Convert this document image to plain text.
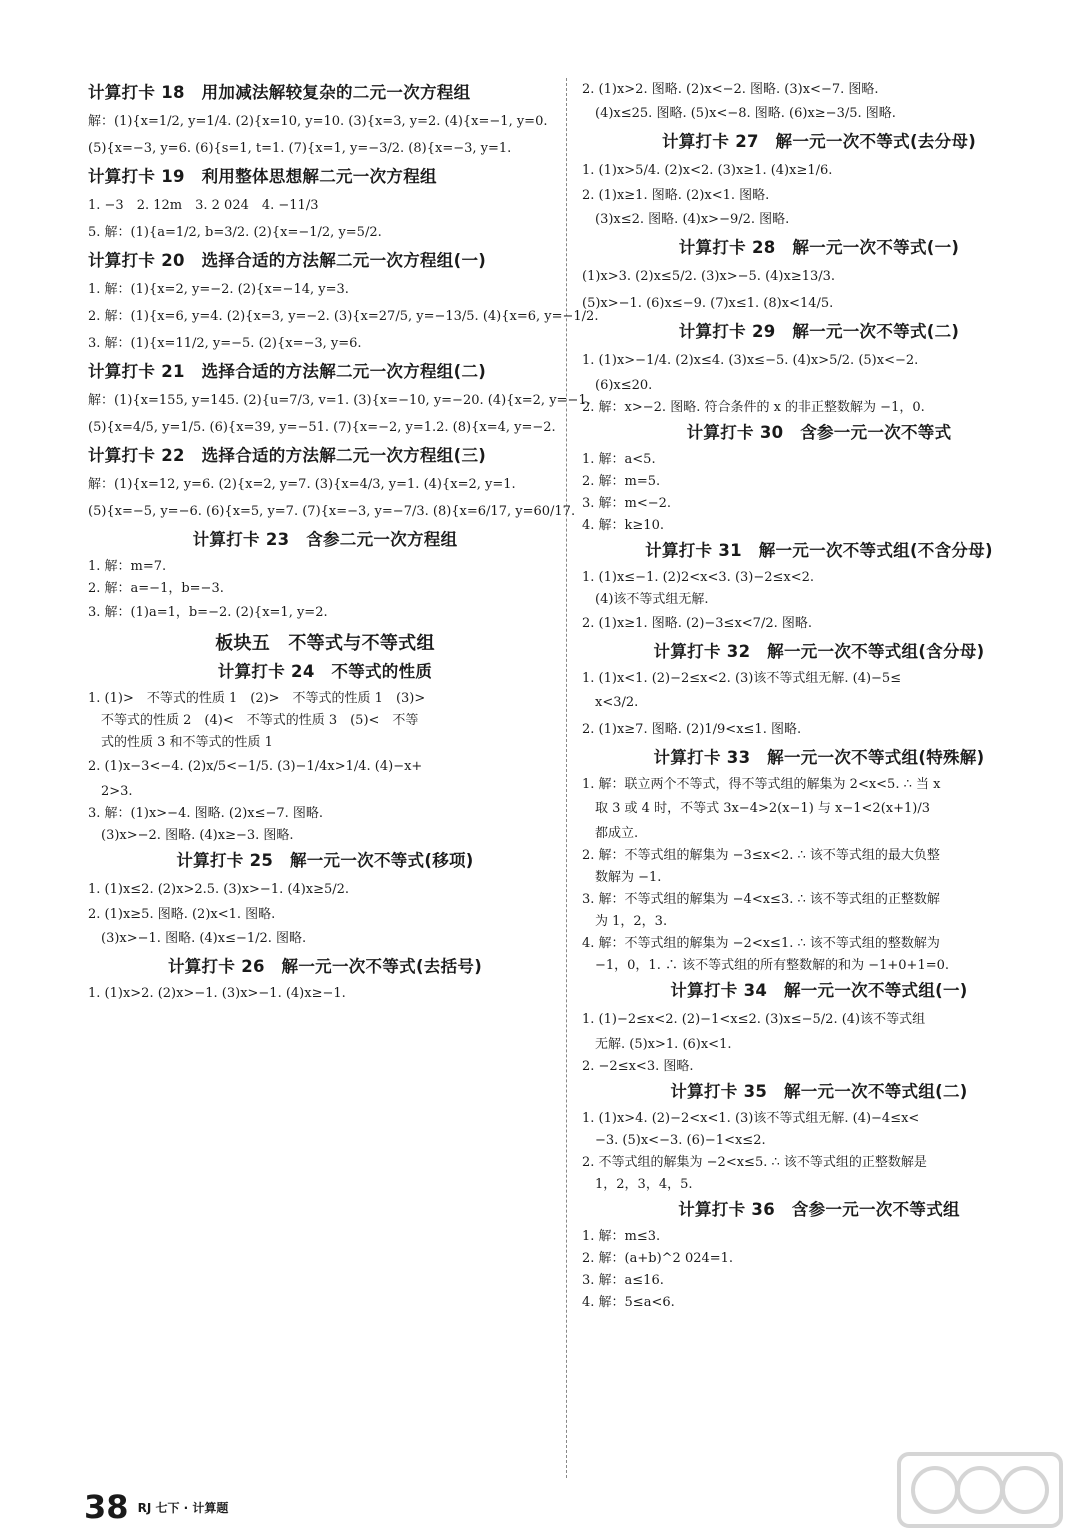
计算打卡 18　用加减法解较复杂的二元一次方程组
解：(1){x=1/2, y=1/4. (2){x=10, y=10. (3){x=3, y=2. (4){x=−1, y=0.
(5){x=−3, y=6. (6){s=1, t=1. (7){x=1, y=−3/2. (8){x=−3, y=1.
计算打卡 19　利用整体思想解二元一次方程组
1. −3　2. 12m　3. 2 024　4. −11/3
5. 解：(1){a=1/2, b=3/2. (2){x=−1/2, y=5/2.
计算打卡 20　选择合适的方法解二元一次方程组(一)
1. 解：(1){x=2, y=−2. (2){x=−14, y=3.
2. 解：(1){x=6, y=4. (2){x=3, y=−2. (3){x=27/5, y=−13/5. (4){x=6, y=−1/2.
3. 解：(1){x=11/2, y=−5. (2){x=−3, y=6.
计算打卡 21　选择合适的方法解二元一次方程组(二)
解：(1){x=155, y=145. (2){u=7/3, v=1. (3){x=−10, y=−20. (4){x=2, y=−1.
(5){x=4/5, y=1/5. (6){x=39, y=−51. (7){x=−2, y=1.2. (8){x=4, y=−2.
计算打卡 22　选择合适的方法解二元一次方程组(三)
解：(1){x=12, y=6. (2){x=2, y=7. (3){x=4/3, y=1. (4){x=2, y=1.
(5){x=−5, y=−6. (6){x=5, y=7. (7){x=−3, y=−7/3. (8){x=6/17, y=60/17.
计算打卡 23　含参二元一次方程组
1. 解：m=7.
2. 解：a=−1，b=−3.
3. 解：(1)a=1，b=−2. (2){x=1, y=2.
板块五　不等式与不等式组
计算打卡 24　不等式的性质
1. (1)>　不等式的性质 1　(2)>　不等式的性质 1　(3)>
　不等式的性质 2　(4)<　不等式的性质 3　(5)<　不等
　式的性质 3 和不等式的性质 1
2. (1)x−3<−4. (2)x/5<−1/5. (3)−1/4x>1/4. (4)−x+
　2>3.
3. 解：(1)x>−4. 图略. (2)x≤−7. 图略.
　(3)x>−2. 图略. (4)x≥−3. 图略.
计算打卡 25　解一元一次不等式(移项)
1. (1)x≤2. (2)x>2.5. (3)x>−1. (4)x≥5/2.
2. (1)x≥5. 图略. (2)x<1. 图略.
　(3)x>−1. 图略. (4)x≤−1/2. 图略.
计算打卡 26　解一元一次不等式(去括号)
1. (1)x>2. (2)x>−1. (3)x>−1. (4)x≥−1.
2. (1)x>2. 图略. (2)x<−2. 图略. (3)x<−7. 图略.
　(4)x≤25. 图略. (5)x<−8. 图略. (6)x≥−3/5. 图略.
计算打卡 27　解一元一次不等式(去分母)
1. (1)x>5/4. (2)x<2. (3)x≥1. (4)x≥1/6.
2. (1)x≥1. 图略. (2)x<1. 图略.
　(3)x≤2. 图略. (4)x>−9/2. 图略.
计算打卡 28　解一元一次不等式(一)
(1)x>3. (2)x≤5/2. (3)x>−5. (4)x≥13/3.
(5)x>−1. (6)x≤−9. (7)x≤1. (8)x<14/5.
计算打卡 29　解一元一次不等式(二)
1. (1)x>−1/4. (2)x≤4. (3)x≤−5. (4)x>5/2. (5)x<−2.
　(6)x≤20.
2. 解：x>−2. 图略. 符合条件的 x 的非正整数解为 −1，0.
计算打卡 30　含参一元一次不等式
1. 解：a<5.
2. 解：m=5.
3. 解：m<−2.
4. 解：k≥10.
计算打卡 31　解一元一次不等式组(不含分母)
1. (1)x≤−1. (2)2<x<3. (3)−2≤x<2.
　(4)该不等式组无解.
2. (1)x≥1. 图略. (2)−3≤x<7/2. 图略.
计算打卡 32　解一元一次不等式组(含分母)
1. (1)x<1. (2)−2≤x<2. (3)该不等式组无解. (4)−5≤
　x<3/2.
2. (1)x≥7. 图略. (2)1/9<x≤1. 图略.
计算打卡 33　解一元一次不等式组(特殊解)
1. 解：联立两个不等式，得不等式组的解集为 2<x<5. ∴ 当 x
　取 3 或 4 时，不等式 3x−4>2(x−1) 与 x−1<2(x+1)/3
　都成立.
2. 解：不等式组的解集为 −3≤x<2. ∴ 该不等式组的最大负整
　数解为 −1.
3. 解：不等式组的解集为 −4<x≤3. ∴ 该不等式组的正整数解
　为 1，2，3.
4. 解：不等式组的解集为 −2<x≤1. ∴ 该不等式组的整数解为
　−1，0，1. ∴ 该不等式组的所有整数解的和为 −1+0+1=0.
计算打卡 34　解一元一次不等式组(一)
1. (1)−2≤x<2. (2)−1<x≤2. (3)x≤−5/2. (4)该不等式组
　无解. (5)x>1. (6)x<1.
2. −2≤x<3. 图略.
计算打卡 35　解一元一次不等式组(二)
1. (1)x>4. (2)−2<x<1. (3)该不等式组无解. (4)−4≤x<
　−3. (5)x<−3. (6)−1<x≤2.
2. 不等式组的解集为 −2<x≤5. ∴ 该不等式组的正整数解是
　1，2，3，4，5.
计算打卡 36　含参一元一次不等式组
1. 解：m≤3.
2. 解：(a+b)^2 024=1.
3. 解：a≤16.
4. 解：5≤a<6.
38 RJ 七下 · 计算题
